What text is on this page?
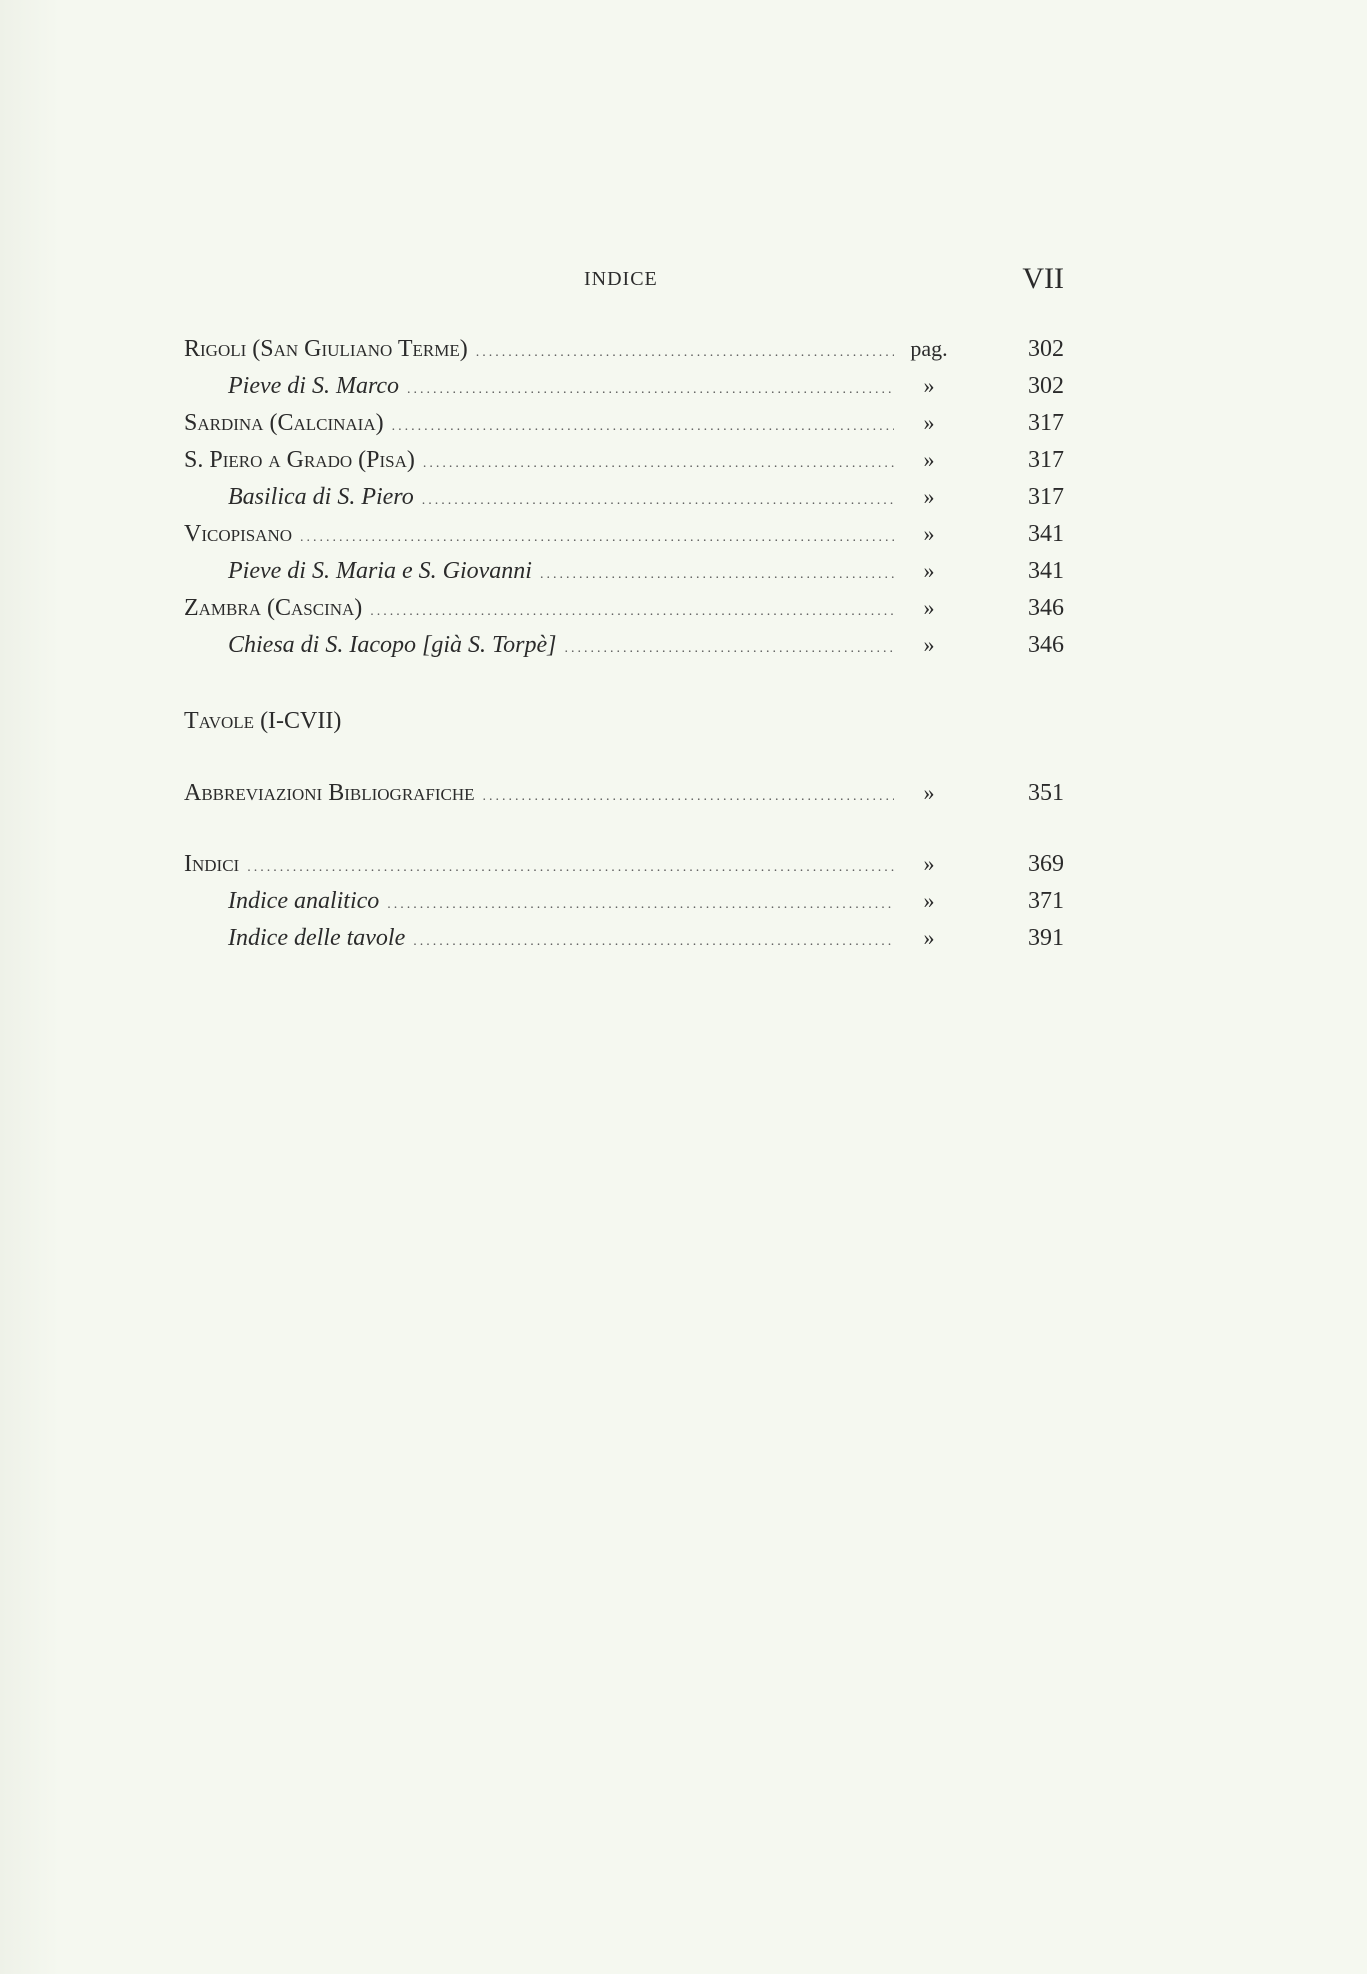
INDICE	VII
Rigoli (San Giuliano Terme) .....	pag.	302
Pieve di S. Marco .....	»	302
Sardina (Calcinaia) .....	»	317
S. Piero a Grado (Pisa) .....	»	317
Basilica di S. Piero .....	»	317
Vicopisano .....	»	341
Pieve di S. Maria e S. Giovanni .....	»	341
Zambra (Cascina) .....	»	346
Chiesa di S. Iacopo [già S. Torpè] .....	»	346
Tavole (I-CVII)
Abbreviazioni Bibliografiche .....	»	351
Indici .....	»	369
Indice analitico .....	»	371
Indice delle tavole .....	»	391
